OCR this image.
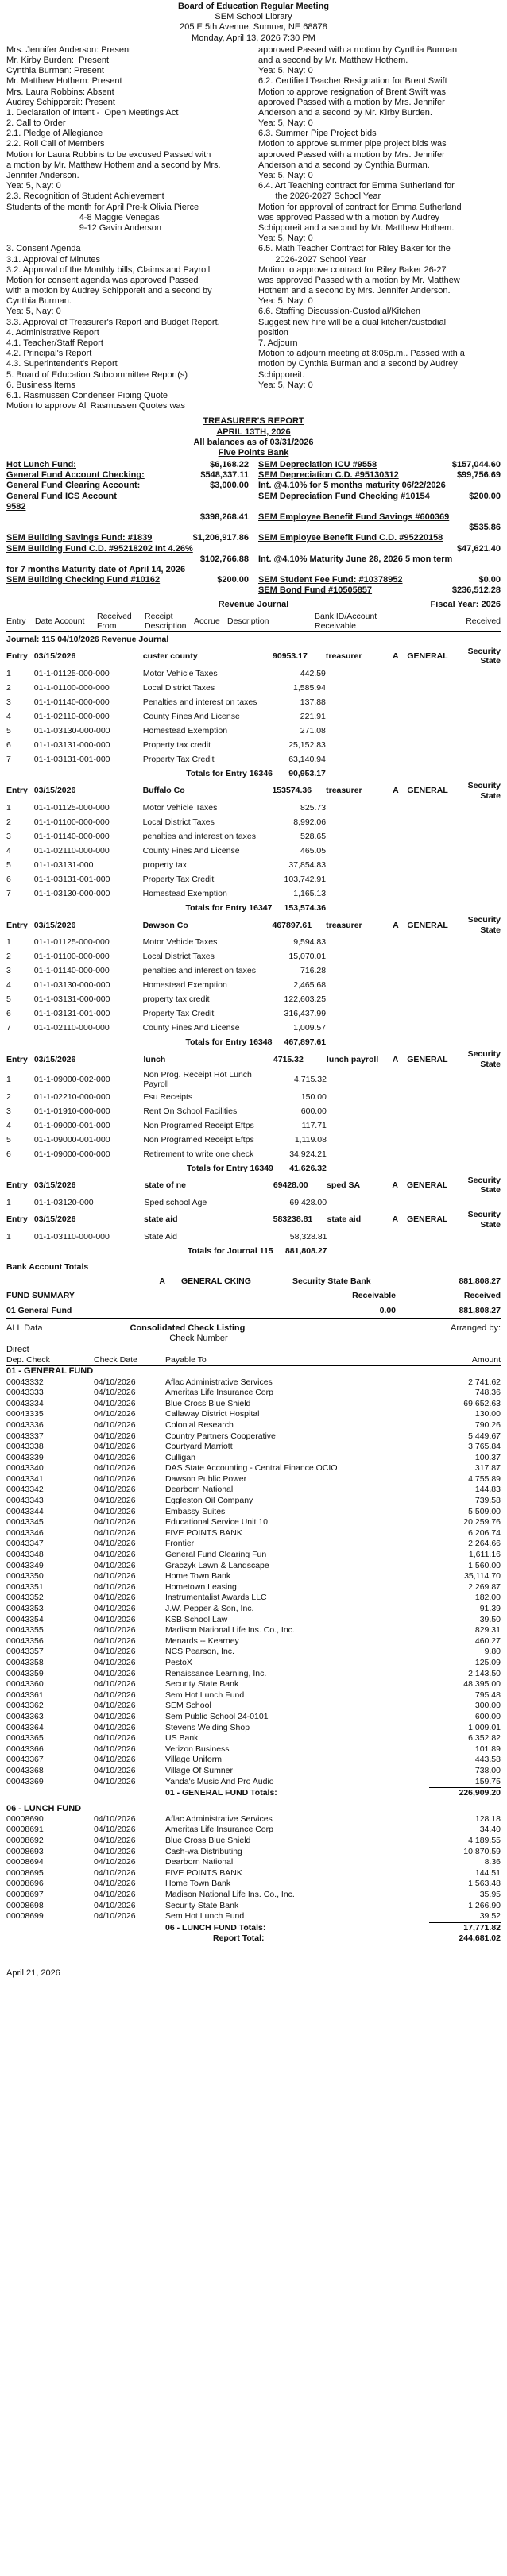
Board of Education Regular Meeting
SEM School Library
205 E 5th Avenue, Sumner, NE 68878
Monday, April 13, 2026 7:30 PM
Mrs. Jennifer Anderson: Present
Mr. Kirby Burden:  Present
Cynthia Burman: Present
Mr. Matthew Hothem: Present
Mrs. Laura Robbins: Absent
Audrey Schipporeit: Present
1. Declaration of Intent -  Open Meetings Act
2. Call to Order
2.1. Pledge of Allegiance
2.2. Roll Call of Members
Motion for Laura Robbins to be excused Passed with
a motion by Mr. Matthew Hothem and a second by Mrs.
Jennifer Anderson.
Yea: 5, Nay: 0
2.3. Recognition of Student Achievement
Students of the month for April Pre-k Olivia Pierce
4-8 Maggie Venegas
9-12 Gavin Anderson

3. Consent Agenda
3.1. Approval of Minutes
3.2. Approval of the Monthly bills, Claims and Payroll
Motion for consent agenda was approved Passed
with a motion by Audrey Schipporeit and a second by
Cynthia Burman.
Yea: 5, Nay: 0
3.3. Approval of Treasurer's Report and Budget Report.
4. Administrative Report
4.1. Teacher/Staff Report
4.2. Principal's Report
4.3. Superintendent's Report
5. Board of Education Subcommittee Report(s)
6. Business Items
6.1. Rasmussen Condenser Piping Quote
Motion to approve All Rasmussen Quotes was
approved Passed with a motion by Cynthia Burman
and a second by Mr. Matthew Hothem.
Yea: 5, Nay: 0
6.2. Certified Teacher Resignation for Brent Swift
Motion to approve resignation of Brent Swift was
approved Passed with a motion by Mrs. Jennifer
Anderson and a second by Mr. Kirby Burden.
Yea: 5, Nay: 0
6.3. Summer Pipe Project bids
Motion to approve summer pipe project bids was
approved Passed with a motion by Mrs. Jennifer
Anderson and a second by Cynthia Burman.
Yea: 5, Nay: 0
6.4. Art Teaching contract for Emma Sutherland for
the 2026-2027 School Year
Motion for approval of contract for Emma Sutherland
was approved Passed with a motion by Audrey
Schipporeit and a second by Mr. Matthew Hothem.
Yea: 5, Nay: 0
6.5. Math Teacher Contract for Riley Baker for the
2026-2027 School Year
Motion to approve contract for Riley Baker 26-27
was approved Passed with a motion by Mr. Matthew
Hothem and a second by Mrs. Jennifer Anderson.
Yea: 5, Nay: 0
6.6. Staffing Discussion-Custodial/Kitchen
Suggest new hire will be a dual kitchen/custodial
position
7. Adjourn
Motion to adjourn meeting at 8:05p.m.. Passed with a
motion by Cynthia Burman and a second by Audrey
Schipporeit.
Yea: 5, Nay: 0
TREASURER'S REPORT
APRIL 13TH, 2026
All balances as of 03/31/2026
Five Points Bank
Hot Lunch Fund:	$6,168.22
General Fund Account Checking:	$548,337.11
General Fund Clearing Account:	$3,000.00
General Fund ICS Account
9582
$398,268.41

SEM Building Savings Fund: #1839	$1,206,917.86
SEM Building Fund C.D. #95218202 Int 4.26%
$102,766.88
for 7 months Maturity date of April 14, 2026
SEM Building Checking Fund #10162	$200.00
SEM Depreciation ICU #9558	$157,044.60
SEM Depreciation C.D. #95130312	$99,756.69
Int. @4.10% for 5 months maturity 06/22/2026
SEM Depreciation Fund Checking #10154	$200.00

SEM Employee Benefit Fund Savings #600369
$535.86
SEM Employee Benefit Fund C.D. #95220158
$47,621.40
Int. @4.10% Maturity June 28, 2026 5 mon term

SEM Student Fee Fund: #10378952	$0.00
SEM Bond Fund #10505857	$236,512.28
Revenue Journal	Fiscal Year: 2026
Entry	Date Account	Received From	Receipt Description	Accrue	Description	Bank ID/Account Receivable	Received
Journal: 115 04/10/2026 Revenue Journal
Entry	03/15/2026	custer county	90953.17	treasurer	A	GENERAL	Security State
1	01-1-01125-000-000	Motor Vehicle Taxes	442.59				
2	01-1-01100-000-000	Local District Taxes	1,585.94				
3	01-1-01140-000-000	Penalties and interest on taxes	137.88				
4	01-1-02110-000-000	County Fines And License	221.91				
5	01-1-03130-000-000	Homestead Exemption	271.08				
6	01-1-03131-000-000	Property tax credit	25,152.83				
7	01-1-03131-001-000	Property Tax Credit	63,140.94				
		Totals for Entry 16346	90,953.17				
Entry	03/15/2026	Buffalo Co	153574.36	treasurer	A	GENERAL	Security State
1	01-1-01125-000-000	Motor Vehicle Taxes	825.73				
2	01-1-01100-000-000	Local District Taxes	8,992.06				
3	01-1-01140-000-000	penalties and interest on taxes	528.65				
4	01-1-02110-000-000	County Fines And License	465.05				
5	01-1-03131-000	property tax	37,854.83				
6	01-1-03131-001-000	Property Tax Credit	103,742.91				
7	01-1-03130-000-000	Homestead Exemption	1,165.13				
		Totals for Entry 16347	153,574.36				
Entry	03/15/2026	Dawson Co	467897.61	treasurer	A	GENERAL	Security State
1	01-1-01125-000-000	Motor Vehicle Taxes	9,594.83				
2	01-1-01100-000-000	Local District Taxes	15,070.01				
3	01-1-01140-000-000	penalties and interest on taxes	716.28				
4	01-1-03130-000-000	Homestead Exemption	2,465.68				
5	01-1-03131-000-000	property tax credit	122,603.25				
6	01-1-03131-001-000	Property Tax Credit	316,437.99				
7	01-1-02110-000-000	County Fines And License	1,009.57				
		Totals for Entry 16348	467,897.61				
Entry	03/15/2026	lunch	4715.32	lunch payroll	A	GENERAL	Security State
1	01-1-09000-002-000	Non Prog. Receipt Hot Lunch Payroll	4,715.32				
2	01-1-02210-000-000	Esu Receipts	150.00				
3	01-1-01910-000-000	Rent On School Facilities	600.00				
4	01-1-09000-001-000	Non Programed Receipt Eftps	117.71				
5	01-1-09000-001-000	Non Programed Receipt Eftps	1,119.08				
6	01-1-09000-000-000	Retirement to write one check	34,924.21				
		Totals for Entry 16349	41,626.32				
Entry	03/15/2026	state of ne	69428.00	sped SA	A	GENERAL	Security State
1	01-1-03120-000	Sped school Age	69,428.00				
Entry	03/15/2026	state aid	583238.81	state aid	A	GENERAL	Security State
1	01-1-03110-000-000	State Aid	58,328.81				
		Totals for Journal 115	881,808.27				
Bank Account Totals				
A		GENERAL CKING	Security State Bank	881,808.27
FUND SUMMARY			Receivable	Received
01 General Fund			0.00	881,808.27
ALL Data	Consolidated Check Listing	Arranged by:
Check Number
Direct
Dep. Check	Check Date	Payable To	Amount
01 - GENERAL FUND
00043332	04/10/2026	Aflac Administrative Services	2,741.62
00043333	04/10/2026	Ameritas Life Insurance Corp	748.36
00043334	04/10/2026	Blue Cross Blue Shield	69,652.63
00043335	04/10/2026	Callaway District Hospital	130.00
00043336	04/10/2026	Colonial Research	790.26
00043337	04/10/2026	Country Partners Cooperative	5,449.67
00043338	04/10/2026	Courtyard Marriott	3,765.84
00043339	04/10/2026	Culligan	100.37
00043340	04/10/2026	DAS State Accounting - Central Finance OCIO	317.87
00043341	04/10/2026	Dawson Public Power	4,755.89
00043342	04/10/2026	Dearborn National	144.83
00043343	04/10/2026	Eggleston Oil Company	739.58
00043344	04/10/2026	Embassy Suites	5,509.00
00043345	04/10/2026	Educational Service Unit 10	20,259.76
00043346	04/10/2026	FIVE POINTS BANK	6,206.74
00043347	04/10/2026	Frontier	2,264.66
00043348	04/10/2026	General Fund Clearing Fun	1,611.16
00043349	04/10/2026	Graczyk Lawn & Landscape	1,560.00
00043350	04/10/2026	Home Town Bank	35,114.70
00043351	04/10/2026	Hometown Leasing	2,269.87
00043352	04/10/2026	Instrumentalist Awards LLC	182.00
00043353	04/10/2026	J.W. Pepper & Son, Inc.	91.39
00043354	04/10/2026	KSB School Law	39.50
00043355	04/10/2026	Madison National Life Ins. Co., Inc.	829.31
00043356	04/10/2026	Menards -- Kearney	460.27
00043357	04/10/2026	NCS Pearson, Inc.	9.80
00043358	04/10/2026	PestoX	125.09
00043359	04/10/2026	Renaissance Learning, Inc.	2,143.50
00043360	04/10/2026	Security State Bank	48,395.00
00043361	04/10/2026	Sem Hot Lunch Fund	795.48
00043362	04/10/2026	SEM School	300.00
00043363	04/10/2026	Sem Public School 24-0101	600.00
00043364	04/10/2026	Stevens Welding Shop	1,009.01
00043365	04/10/2026	US Bank	6,352.82
00043366	04/10/2026	Verizon Business	101.89
00043367	04/10/2026	Village Uniform	443.58
00043368	04/10/2026	Village Of Sumner	738.00
00043369	04/10/2026	Yanda's Music And Pro Audio	159.75
	01 - GENERAL FUND Totals:	226,909.20
06 - LUNCH FUND
00008690	04/10/2026	Aflac Administrative Services	128.18
00008691	04/10/2026	Ameritas Life Insurance Corp	34.40
00008692	04/10/2026	Blue Cross Blue Shield	4,189.55
00008693	04/10/2026	Cash-wa Distributing	10,870.59
00008694	04/10/2026	Dearborn National	8.36
00008695	04/10/2026	FIVE POINTS BANK	144.51
00008696	04/10/2026	Home Town Bank	1,563.48
00008697	04/10/2026	Madison National Life Ins. Co., Inc.	35.95
00008698	04/10/2026	Security State Bank	1,266.90
00008699	04/10/2026	Sem Hot Lunch Fund	39.52
	06 - LUNCH FUND Totals:	17,771.82
	Report Total:	244,681.02
April 21, 2026
